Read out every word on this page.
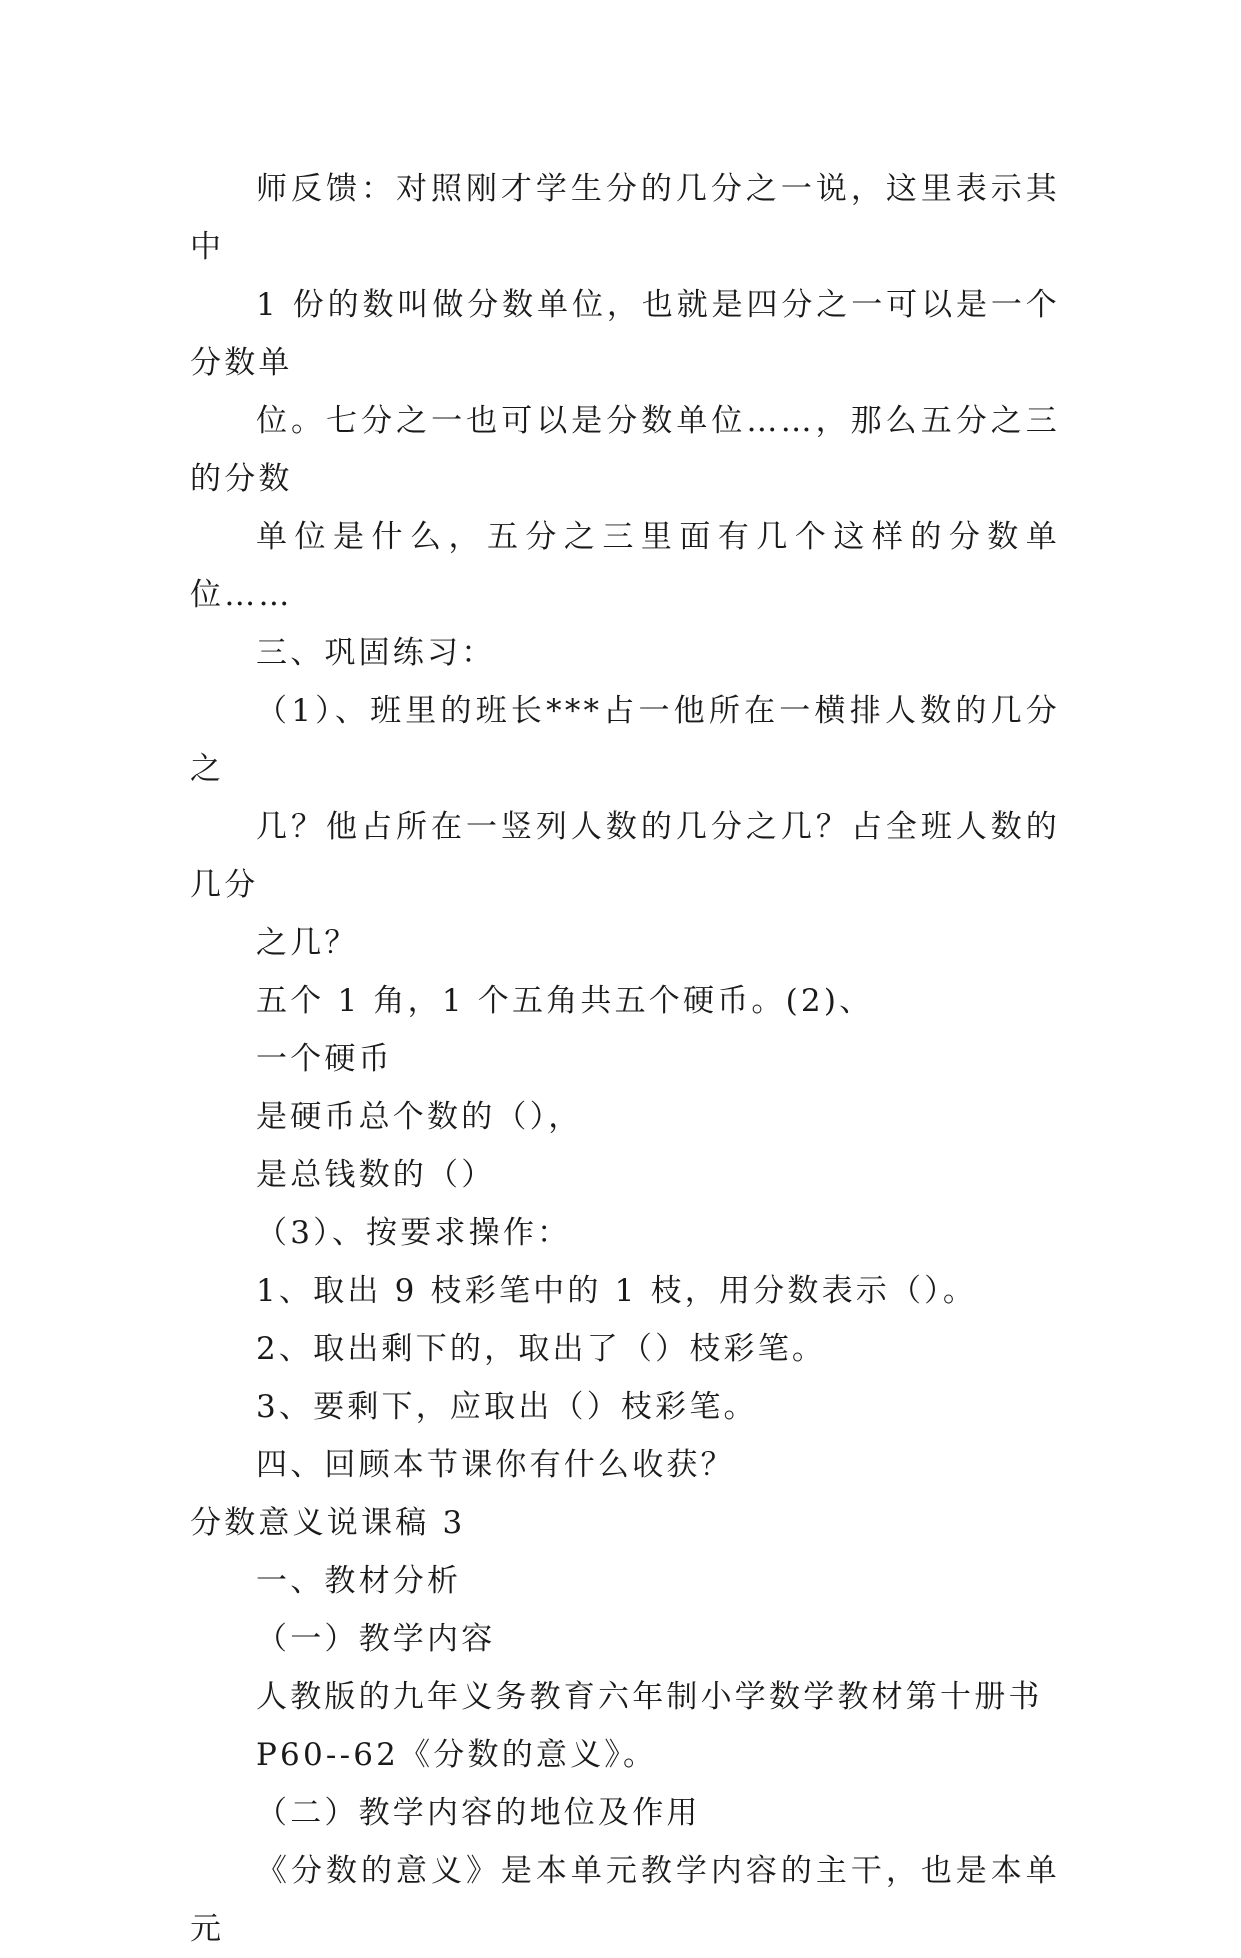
师反馈：对照刚才学生分的几分之一说，这里表示其中
1 份的数叫做分数单位，也就是四分之一可以是一个分数单
位。七分之一也可以是分数单位……，那么五分之三的分数
单位是什么，五分之三里面有几个这样的分数单位……

三、巩固练习：

（1）、班里的班长***占一他所在一横排人数的几分之
几？他占所在一竖列人数的几分之几？占全班人数的几分
之几？

五个 1 角，1 个五角共五个硬币。(2)、

一个硬币

是硬币总个数的（），

是总钱数的（）

（3）、按要求操作：

1、取出 9 枝彩笔中的 1 枝，用分数表示（）。

2、取出剩下的，取出了（）枝彩笔。

3、要剩下，应取出（）枝彩笔。

四、回顾本节课你有什么收获？

分数意义说课稿 3

一、教材分析

（一）教学内容

人教版的九年义务教育六年制小学数学教材第十册书
P60--62《分数的意义》。

（二）教学内容的地位及作用

《分数的意义》是本单元教学内容的主干，也是本单元
